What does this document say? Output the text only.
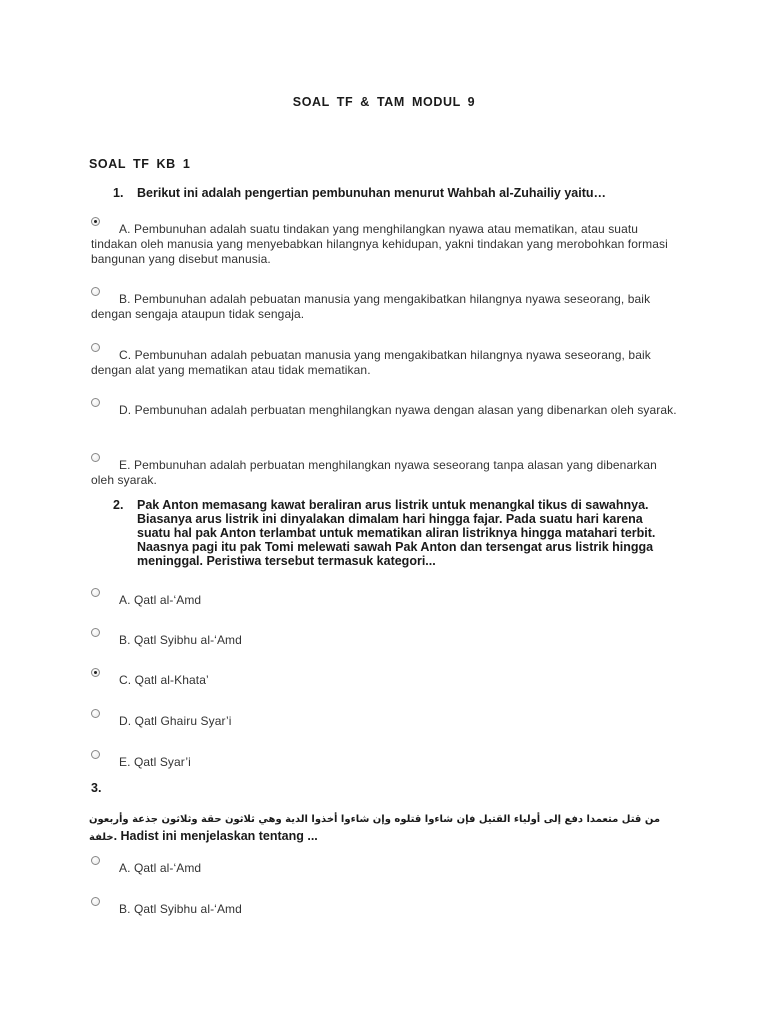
SOAL TF & TAM MODUL 9
SOAL TF KB 1
1. Berikut ini adalah pengertian pembunuhan menurut Wahbah al-Zuhailiy yaitu…
A. Pembunuhan adalah suatu tindakan yang menghilangkan nyawa atau mematikan, atau suatu tindakan oleh manusia yang menyebabkan hilangnya kehidupan, yakni tindakan yang merobohkan formasi bangunan yang disebut manusia.
B. Pembunuhan adalah pebuatan manusia yang mengakibatkan hilangnya nyawa seseorang, baik dengan sengaja ataupun tidak sengaja.
C. Pembunuhan adalah pebuatan manusia yang mengakibatkan hilangnya nyawa seseorang, baik dengan alat yang mematikan atau tidak mematikan.
D. Pembunuhan adalah perbuatan menghilangkan nyawa dengan alasan yang dibenarkan oleh syarak.
E. Pembunuhan adalah perbuatan menghilangkan nyawa seseorang tanpa alasan yang dibenarkan oleh syarak.
2. Pak Anton memasang kawat beraliran arus listrik untuk menangkal tikus di sawahnya.
Biasanya arus listrik ini dinyalakan dimalam hari hingga fajar. Pada suatu hari karena
suatu hal pak Anton terlambat untuk mematikan aliran listriknya hingga matahari terbit.
Naasnya pagi itu pak Tomi melewati sawah Pak Anton dan tersengat arus listrik hingga
meninggal. Peristiwa tersebut termasuk kategori...
A. Qatl al-‘Amd
B. Qatl Syibhu al-‘Amd
C. Qatl al-Khata’
D. Qatl Ghairu Syar’i
E. Qatl Syar’i
3.
من قتل متعمدا دفع إلى أولياء القتيل فإن شاءوا قتلوه وإن شاءوا أخذوا الدية وهي ثلاثون حقة وثلاثون جذعة وأربعون خلفة. Hadist ini menjelaskan tentang ...
A. Qatl al-‘Amd
B. Qatl Syibhu al-‘Amd
